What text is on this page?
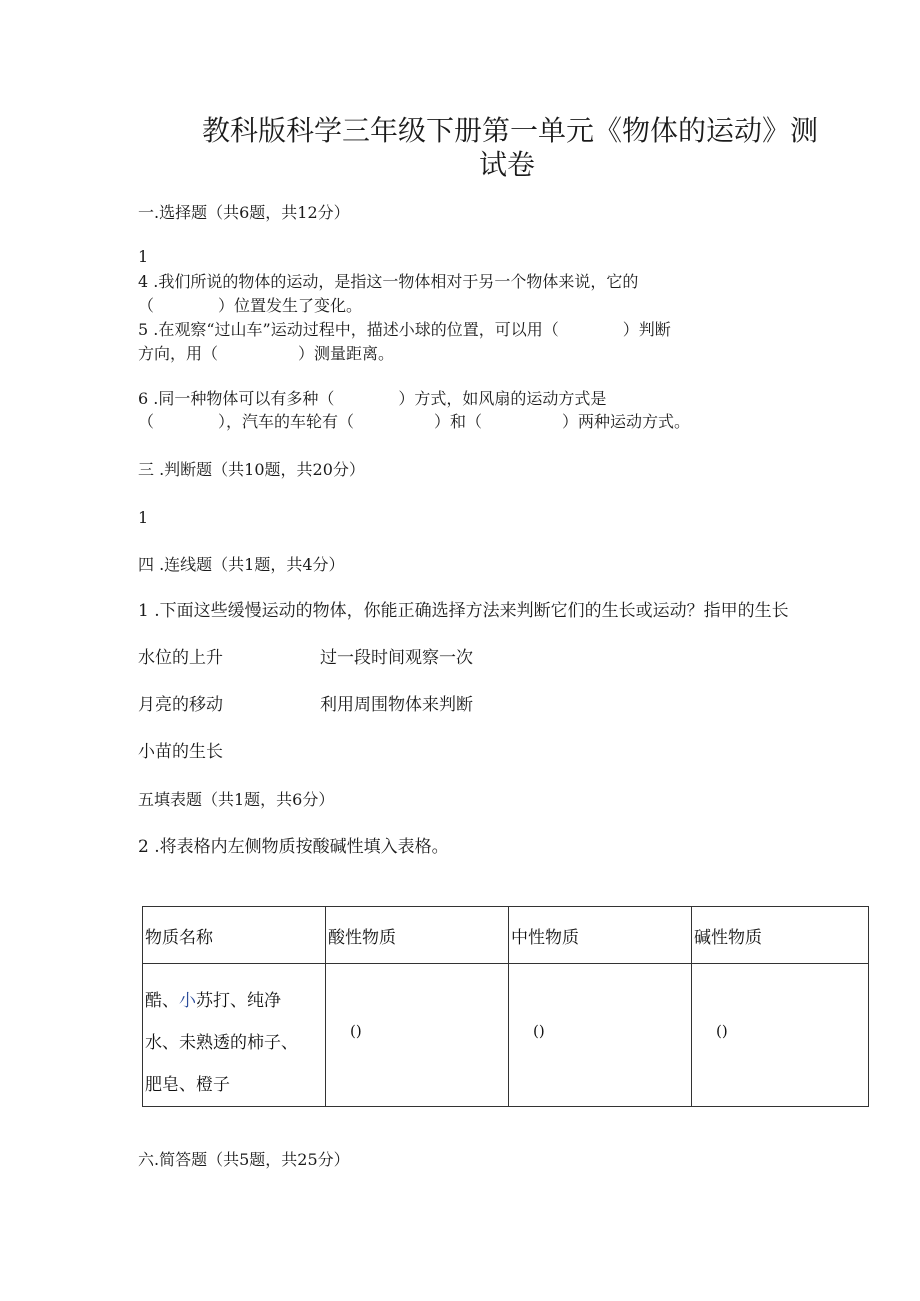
教科版科学三年级下册第一单元《物体的运动》测
试卷
一.选择题（共6题，共12分）
1
4 .我们所说的物体的运动，是指这一物体相对于另一个物体来说，它的
（　　　　）位置发生了变化。
5 .在观察“过山车”运动过程中，描述小球的位置，可以用（　　　　）判断
方向，用（　　　　　）测量距离。
6 .同一种物体可以有多种（　　　　）方式，如风扇的运动方式是
（　　　　），汽车的车轮有（　　　　　）和（　　　　　）两种运动方式。
三 .判断题（共10题，共20分）
1
四 .连线题（共1题，共4分）
1 .下面这些缓慢运动的物体，你能正确选择方法来判断它们的生长或运动？指甲的生长
水位的上升	过一段时间观察一次
月亮的移动	利用周围物体来判断
小苗的生长
五填表题（共1题，共6分）
2 .将表格内左侧物质按酸碱性填入表格。
物质名称	酸性物质	中性物质	碱性物质

酷、小苏打、纯净
水、未熟透的柿子、
肥皂、橙子	()	()	()
六.简答题（共5题，共25分）
